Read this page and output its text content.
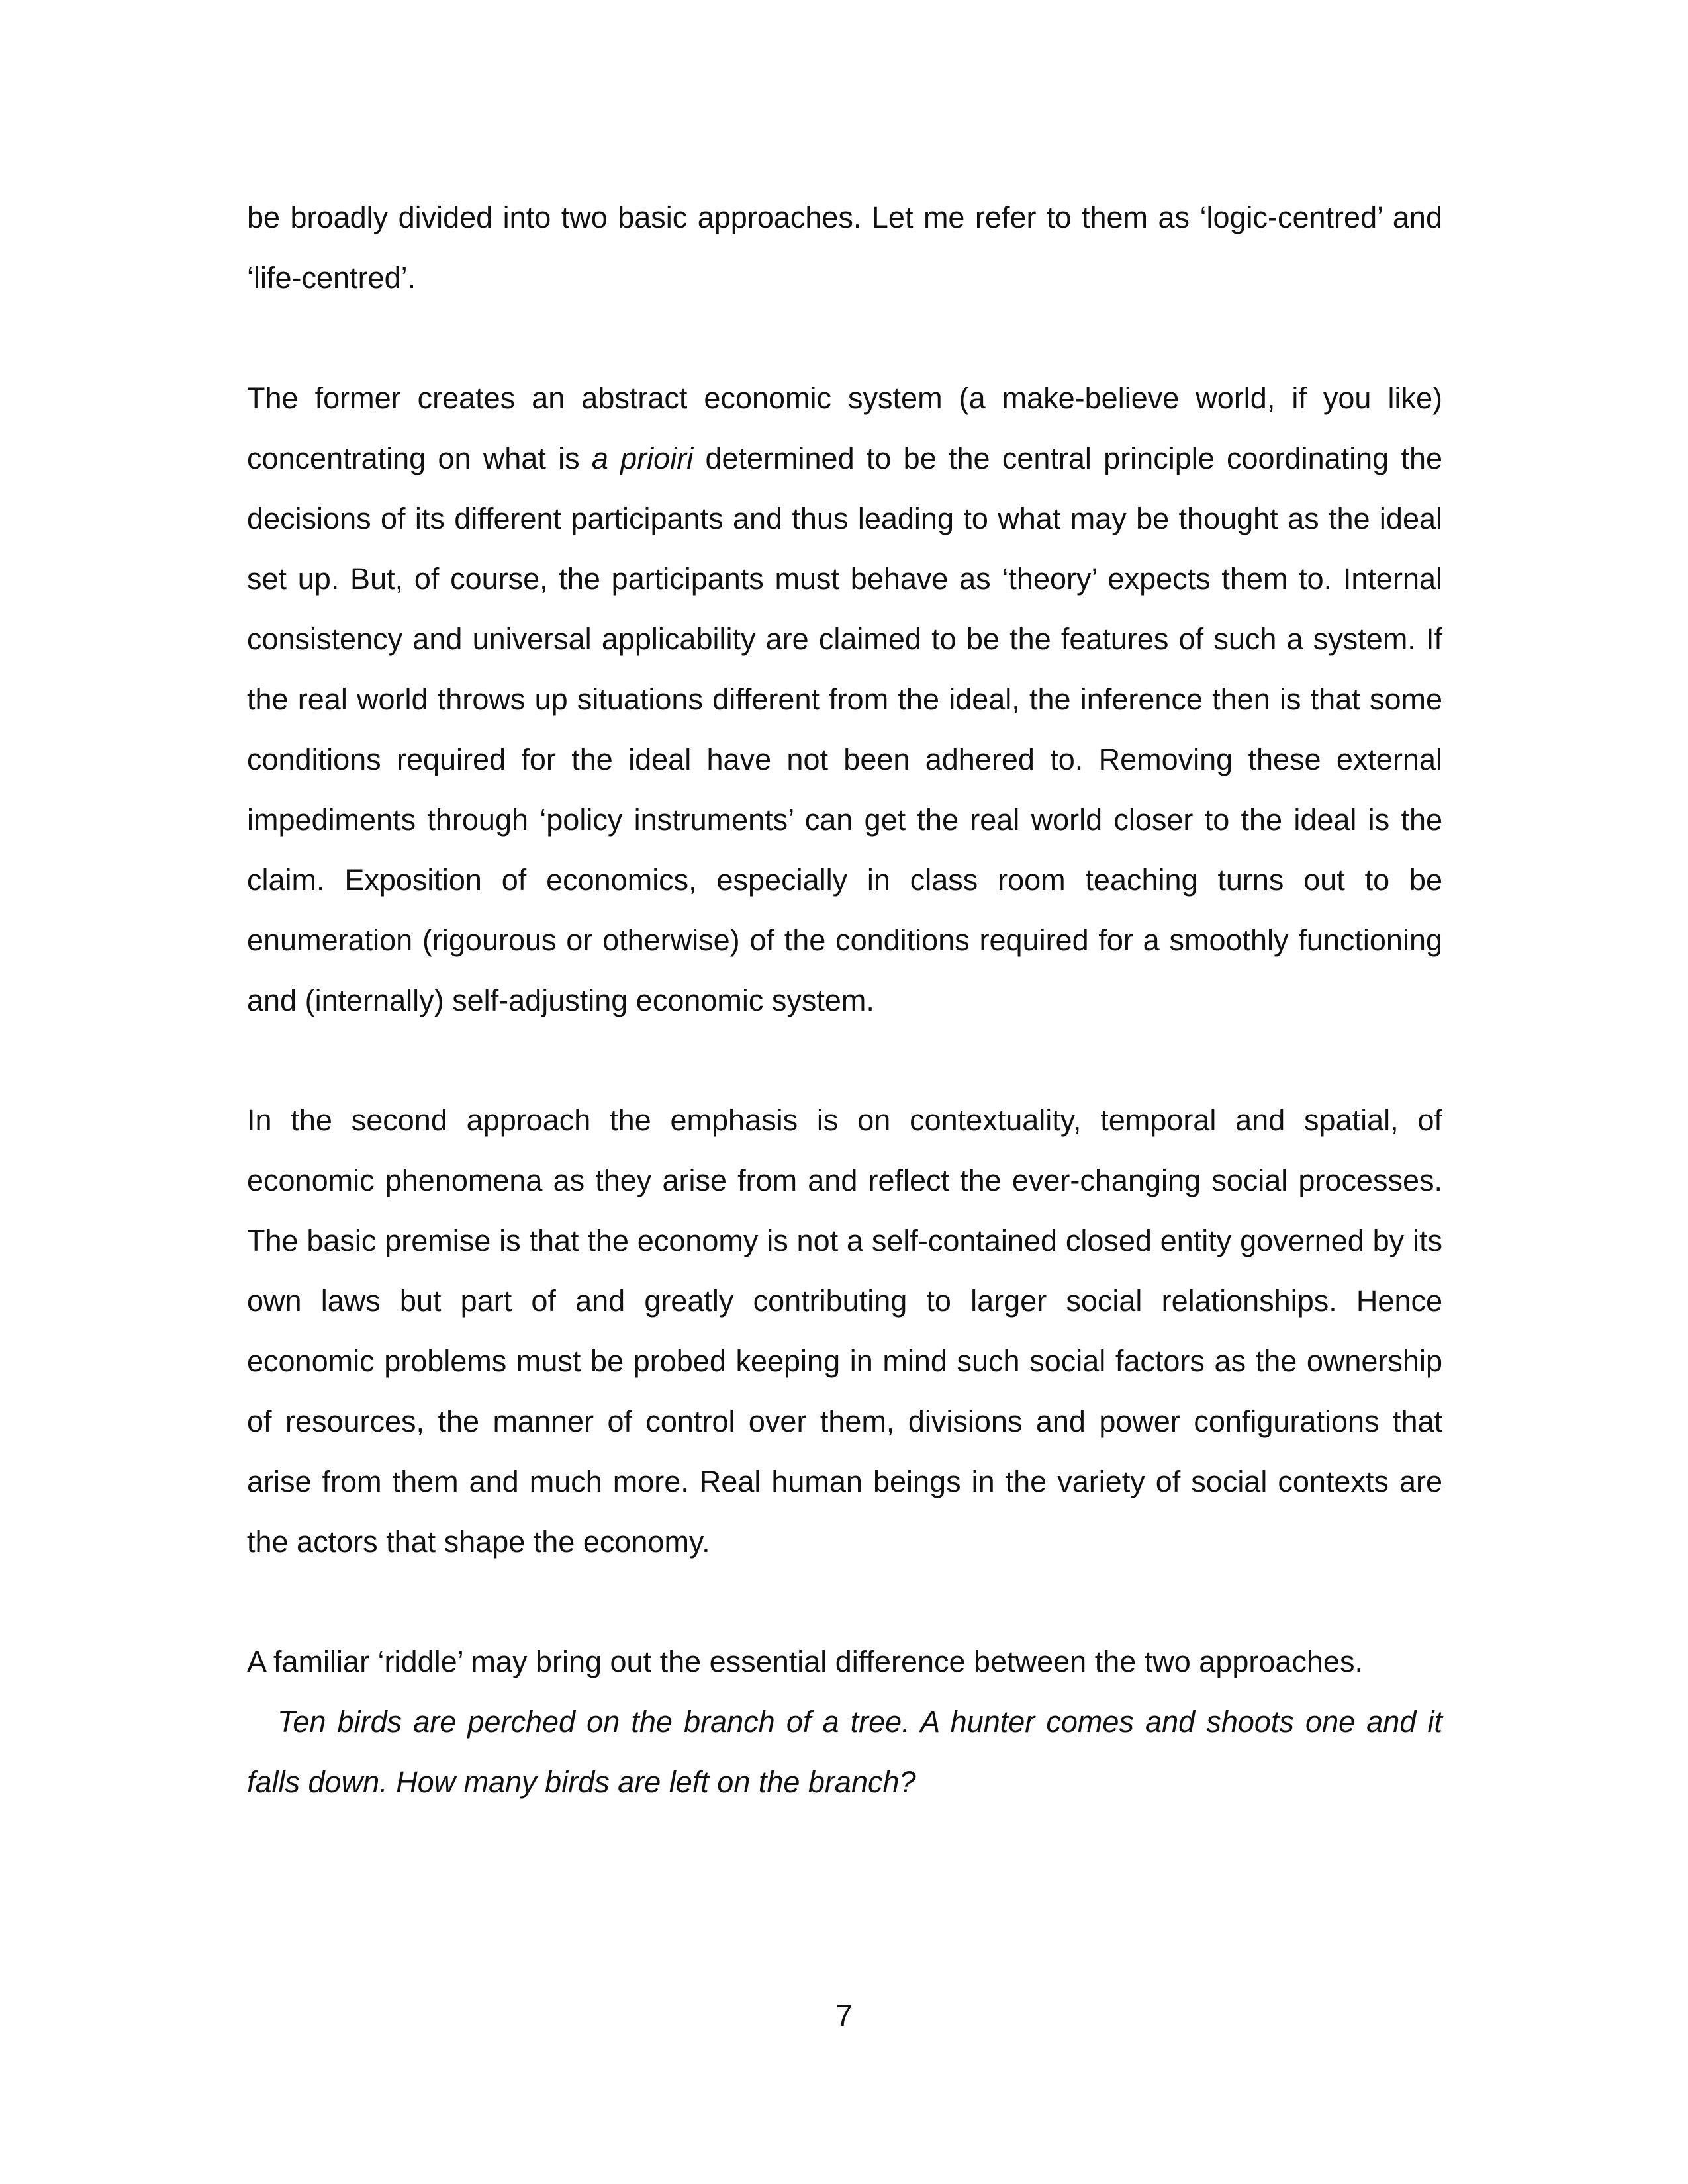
be broadly divided into two basic approaches. Let me refer to them as ‘logic-centred’ and ‘life-centred’.

The former creates an abstract economic system (a make-believe world, if you like) concentrating on what is a prioiri determined to be the central principle coordinating the decisions of its different participants and thus leading to what may be thought as the ideal set up. But, of course, the participants must behave as ‘theory’ expects them to. Internal consistency and universal applicability are claimed to be the features of such a system. If the real world throws up situations different from the ideal, the inference then is that some conditions required for the ideal have not been adhered to. Removing these external impediments through ‘policy instruments’ can get the real world closer to the ideal is the claim. Exposition of economics, especially in class room teaching turns out to be enumeration (rigourous or otherwise) of the conditions required for a smoothly functioning and (internally) self-adjusting economic system.

In the second approach the emphasis is on contextuality, temporal and spatial, of economic phenomena as they arise from and reflect the ever-changing social processes. The basic premise is that the economy is not a self-contained closed entity governed by its own laws but part of and greatly contributing to larger social relationships. Hence economic problems must be probed keeping in mind such social factors as the ownership of resources, the manner of control over them, divisions and power configurations that arise from them and much more. Real human beings in the variety of social contexts are the actors that shape the economy.

A familiar ‘riddle’ may bring out the essential difference between the two approaches.

Ten birds are perched on the branch of a tree. A hunter comes and shoots one and it falls down. How many birds are left on the branch?

7
